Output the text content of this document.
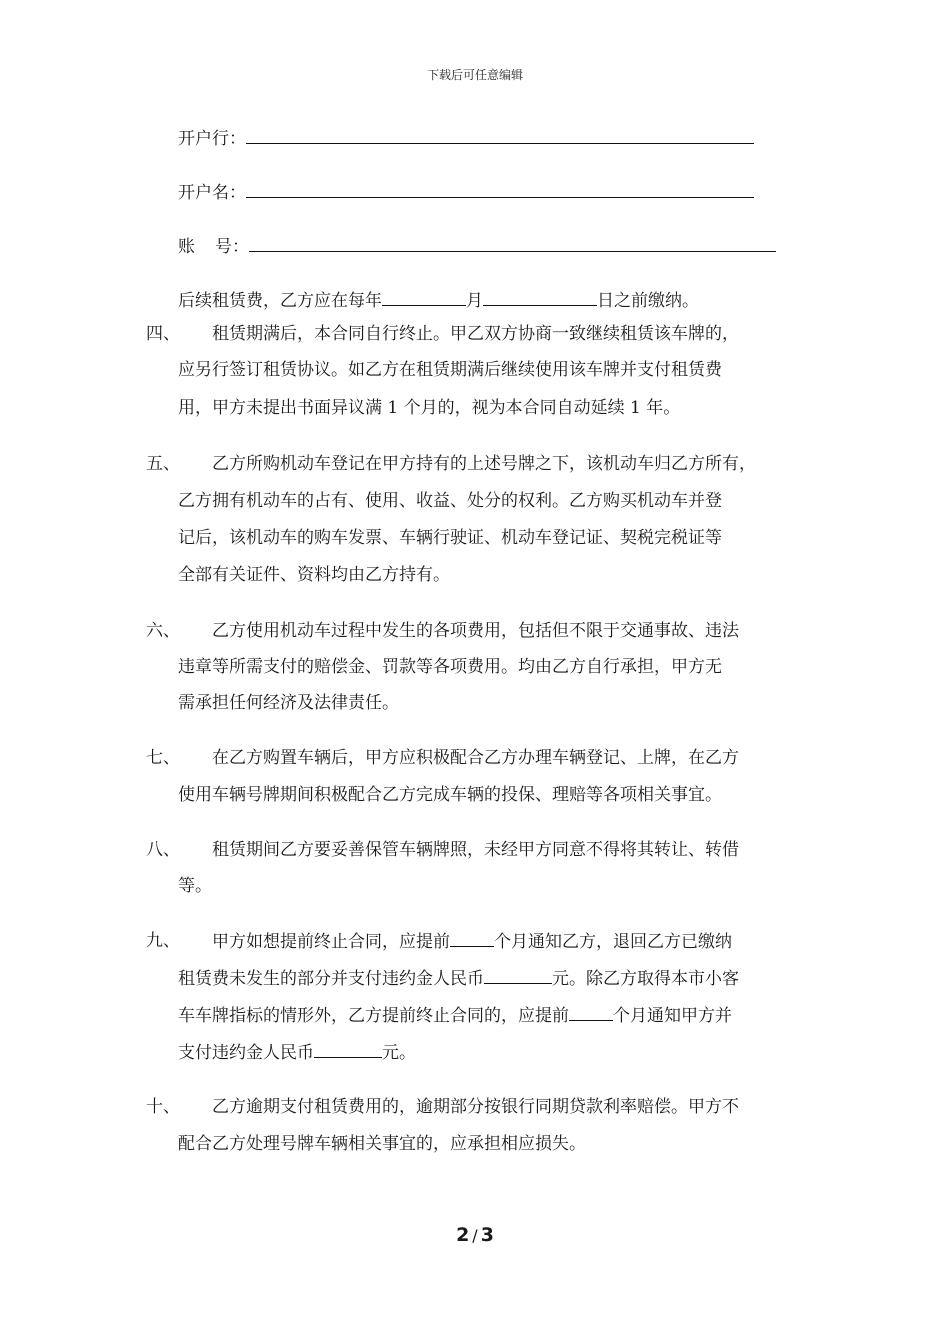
下载后可任意编辑
开户行：
开户名：
账 号：
后续租赁费，乙方应在每年	月	日之前缴纳。
四、 租赁期满后，本合同自行终止。甲乙双方协商一致继续租赁该车牌的，
应另行签订租赁协议。如乙方在租赁期满后继续使用该车牌并支付租赁费
用，甲方未提出书面异议满 1 个月的，视为本合同自动延续 1 年。
五、 乙方所购机动车登记在甲方持有的上述号牌之下，该机动车归乙方所有，
乙方拥有机动车的占有、使用、收益、处分的权利。乙方购买机动车并登
记后，该机动车的购车发票、车辆行驶证、机动车登记证、契税完税证等
全部有关证件、资料均由乙方持有。
六、 乙方使用机动车过程中发生的各项费用，包括但不限于交通事故、违法
违章等所需支付的赔偿金、罚款等各项费用。均由乙方自行承担，甲方无
需承担任何经济及法律责任。
七、 在乙方购置车辆后，甲方应积极配合乙方办理车辆登记、上牌，在乙方
使用车辆号牌期间积极配合乙方完成车辆的投保、理赔等各项相关事宜。
八、 租赁期间乙方要妥善保管车辆牌照，未经甲方同意不得将其转让、转借
等。
九、 甲方如想提前终止合同，应提前	个月通知乙方，退回乙方已缴纳
租赁费未发生的部分并支付违约金人民币	元。除乙方取得本市小客
车车牌指标的情形外，乙方提前终止合同的，应提前	个月通知甲方并
支付违约金人民币	元。
十、 乙方逾期支付租赁费用的，逾期部分按银行同期贷款利率赔偿。甲方不
配合乙方处理号牌车辆相关事宜的，应承担相应损失。
2 / 3
